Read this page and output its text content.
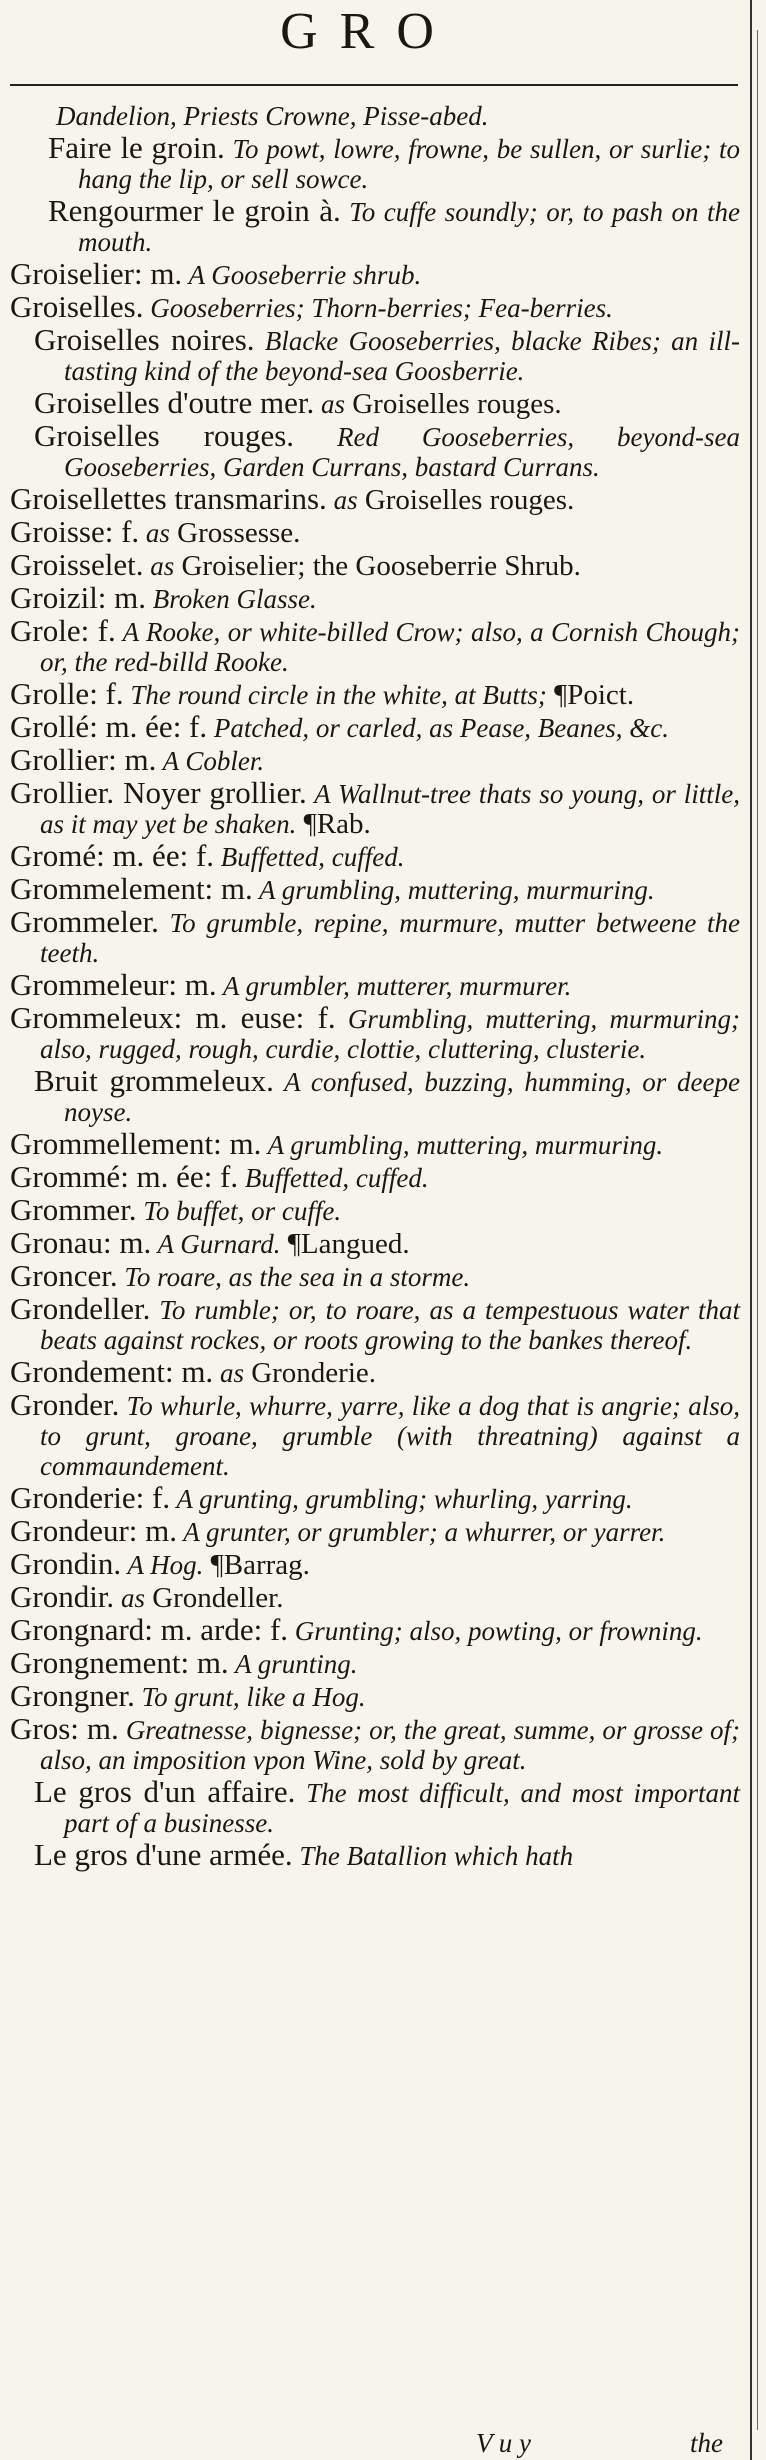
GRO
Dandelion, Priests Crowne, Pisse-abed.
Faire le groin. To powt, lowre, frowne, be sullen, or surlie; to hang the lip, or sell sowce.
Rengourmer le groin à. To cuffe soundly; or, to pash on the mouth.
Groiselier: m. A Gooseberrie shrub.
Groiselles. Gooseberries; Thorn-berries; Fea-berries.
Groiselles noires. Blacke Gooseberries, blacke Ribes; an ill-tasting kind of the beyond-sea Goosberrie.
Groiselles d'outre mer. as Groiselles rouges.
Groiselles rouges. Red Gooseberries, beyond-sea Gooseberries, Garden Currans, bastard Currans.
Groisellettes transmarins. as Groiselles rouges.
Groisse: f. as Grossesse.
Groisselet. as Groiselier; the Gooseberrie Shrub.
Groizil: m. Broken Glasse.
Grole: f. A Rooke, or white-billed Crow; also, a Cornish Chough; or, the red-billd Rooke.
Grolle: f. The round circle in the white, at Butts; ¶Poict.
Grollé: m. ée: f. Patched, or carled, as Pease, Beanes, &c.
Grollier: m. A Cobler.
Grollier. Noyer grollier. A Wallnut-tree thats so young, or little, as it may yet be shaken. ¶Rab.
Gromé: m. ée: f. Buffetted, cuffed.
Grommelement: m. A grumbling, muttering, murmuring.
Grommeler. To grumble, repine, murmure, mutter betweene the teeth.
Grommeleur: m. A grumbler, mutterer, murmurer.
Grommeleux: m. euse: f. Grumbling, muttering, murmuring; also, rugged, rough, curdie, clottie, cluttering, clusterie.
Bruit grommeleux. A confused, buzzing, humming, or deepe noyse.
Grommellement: m. A grumbling, muttering, murmuring.
Grommé: m. ée: f. Buffetted, cuffed.
Grommer. To buffet, or cuffe.
Gronau: m. A Gurnard. ¶Langued.
Groncer. To roare, as the sea in a storme.
Grondeller. To rumble; or, to roare, as a tempestuous water that beats against rockes, or roots growing to the bankes thereof.
Grondement: m. as Gronderie.
Gronder. To whurle, whurre, yarre, like a dog that is angrie; also, to grunt, groane, grumble (with threatning) against a commaundement.
Gronderie: f. A grunting, grumbling; whurling, yarring.
Grondeur: m. A grunter, or grumbler; a whurrer, or yarrer.
Grondin. A Hog. ¶Barrag.
Grondir. as Grondeller.
Grongnard: m. arde: f. Grunting; also, powting, or frowning.
Grongnement: m. A grunting.
Grongner. To grunt, like a Hog.
Gros: m. Greatnesse, bignesse; or, the great, summe, or grosse of; also, an imposition vpon Wine, sold by great.
Le gros d'un affaire. The most difficult, and most important part of a businesse.
Le gros d'une armée. The Batallion which hath
V u y	the
